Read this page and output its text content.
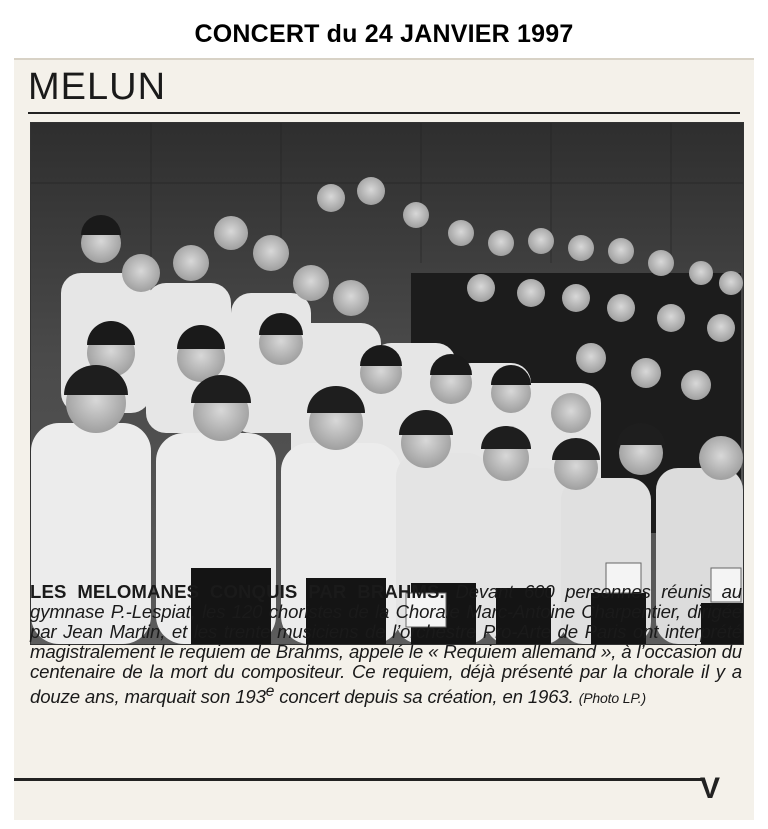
CONCERT du 24 JANVIER 1997
MELUN
LES MELOMANES CONQUIS PAR BRAHMS. Devant 600 personnes réunis au gymnase P.-Lespiat, les 120 choristes de la Chorale Marc-Antoine Charpentier, dirigée par Jean Martin, et les trente musiciens de l’orchestre Pro-Arte de Paris ont interprété magistralement le requiem de Brahms, appelé le « Requiem allemand », à l’occasion du centenaire de la mort du compositeur. Ce requiem, déjà présenté par la chorale il y a douze ans, marquait son 193e concert depuis sa création, en 1963. (Photo LP.)
V
